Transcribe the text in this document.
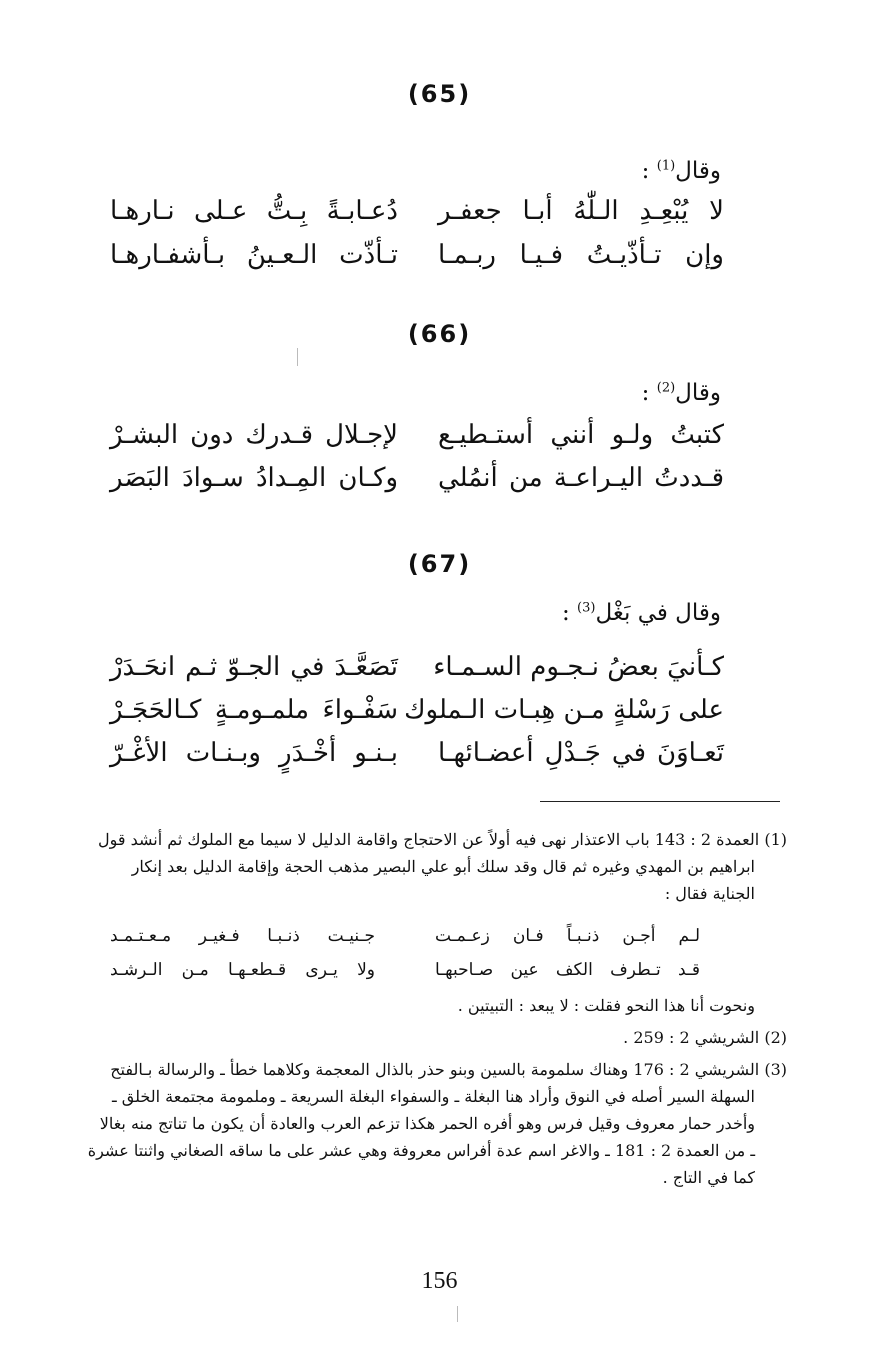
(65)
وقال$^{(1)}$ :
لا يُبْعِـدِ الـلّٰهُ أبـا جعفـر
دُعـابـةً بِـتُّ عـلى نـارهـا
وإن تـأذّيـتُ فـيـا ربـمـا
تـأذّت الـعـينُ بـأشفـارهـا
(66)
وقال$^{(2)}$ :
كتبتُ ولـو أنني أستـطيـع
لإجـلال قـدرك دون البشـرْ
قـددتُ اليـراعـة من أنمُلي
وكـان المِـدادُ سـوادَ البَصَر
(67)
وقال في بَغْل$^{(3)}$ :
كـأنيَ بعضُ نـجـوم السـمـاء
تَصَعَّـدَ في الجـوّ ثـم انحَـدَرْ
على رَسْلةٍ مـن هِبـات الـملوك
سَفْـواءَ ملمـومـةٍ كـالحَجَـرْ
تَعـاوَنَ في جَـدْلِ أعضـائهـا
بـنـو أخْـدَرٍ وبـنـات الأغْـرّ
(1) العمدة 2 : 143 باب الاعتذار نهى فيه أولاً عن الاحتجاج واقامة الدليل لا سيما مع الملوك ثم أنشد قول
ابراهيم بن المهدي وغيره ثم قال وقد سلك أبو علي البصير مذهب الحجة وإقامة الدليل بعد إنكار
الجناية فقال :
لـم أجـن ذنـبـاً فـان زعـمـت
جـنيـت ذنـبـا فـغيـر مـعـتـمـد
قـد تـطرف الكف عين صـاحبهـا
ولا يـرى قـطعـهـا مـن الـرشـد
ونحوت أنا هذا النحو فقلت : لا يبعد : التبيتين .
(2) الشريشي 2 : 259 .
(3) الشريشي 2 : 176 وهناك سلمومة بالسين وبنو حذر بالذال المعجمة وكلاهما خطأ ـ والرسالة بـالفتح
السهلة السير أصله في النوق وأراد هنا البغلة ـ والسفواء البغلة السريعة ـ وملمومة مجتمعة الخلق ـ
وأخدر حمار معروف وقيل فرس وهو أفره الحمر هكذا تزعم العرب والعادة أن يكون ما تناتج منه بغالا
ـ من العمدة 2 : 181 ـ والاغر اسم عدة أفراس معروفة وهي عشر على ما ساقه الصغاني واثنتا عشرة
كما في التاج .
156
